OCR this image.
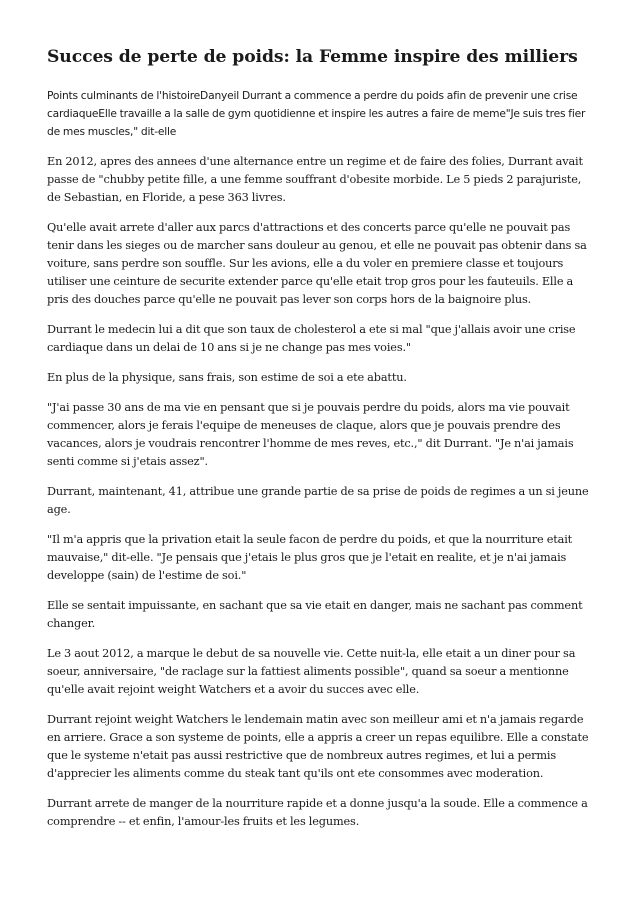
Succes de perte de poids: la Femme inspire des milliers

Points culminants de l'histoireDanyeil Durrant a commence a perdre du poids afin de prevenir une crise cardiaqueElle travaille a la salle de gym quotidienne et inspire les autres a faire de meme"Je suis tres fier de mes muscles," dit-elle

En 2012, apres des annees d'une alternance entre un regime et de faire des folies, Durrant avait passe de "chubby petite fille, a une femme souffrant d'obesite morbide. Le 5 pieds 2 parajuriste, de Sebastian, en Floride, a pese 363 livres.

Qu'elle avait arrete d'aller aux parcs d'attractions et des concerts parce qu'elle ne pouvait pas tenir dans les sieges ou de marcher sans douleur au genou, et elle ne pouvait pas obtenir dans sa voiture, sans perdre son souffle. Sur les avions, elle a du voler en premiere classe et toujours utiliser une ceinture de securite extender parce qu'elle etait trop gros pour les fauteuils. Elle a pris des douches parce qu'elle ne pouvait pas lever son corps hors de la baignoire plus.

Durrant le medecin lui a dit que son taux de cholesterol a ete si mal "que j'allais avoir une crise cardiaque dans un delai de 10 ans si je ne change pas mes voies."

En plus de la physique, sans frais, son estime de soi a ete abattu.

"J'ai passe 30 ans de ma vie en pensant que si je pouvais perdre du poids, alors ma vie pouvait commencer, alors je ferais l'equipe de meneuses de claque, alors que je pouvais prendre des vacances, alors je voudrais rencontrer l'homme de mes reves, etc.," dit Durrant. "Je n'ai jamais senti comme si j'etais assez".

Durrant, maintenant, 41, attribue une grande partie de sa prise de poids de regimes a un si jeune age.

"Il m'a appris que la privation etait la seule facon de perdre du poids, et que la nourriture etait mauvaise," dit-elle. "Je pensais que j'etais le plus gros que je l'etait en realite, et je n'ai jamais developpe (sain) de l'estime de soi."

Elle se sentait impuissante, en sachant que sa vie etait en danger, mais ne sachant pas comment changer.

Le 3 aout 2012, a marque le debut de sa nouvelle vie. Cette nuit-la, elle etait a un diner pour sa soeur, anniversaire, "de raclage sur la fattiest aliments possible", quand sa soeur a mentionne qu'elle avait rejoint weight Watchers et a avoir du succes avec elle.

Durrant rejoint weight Watchers le lendemain matin avec son meilleur ami et n'a jamais regarde en arriere. Grace a son systeme de points, elle a appris a creer un repas equilibre. Elle a constate que le systeme n'etait pas aussi restrictive que de nombreux autres regimes, et lui a permis d'apprecier les aliments comme du steak tant qu'ils ont ete consommes avec moderation.

Durrant arrete de manger de la nourriture rapide et a donne jusqu'a la soude. Elle a commence a comprendre -- et enfin, l'amour-les fruits et les legumes.
